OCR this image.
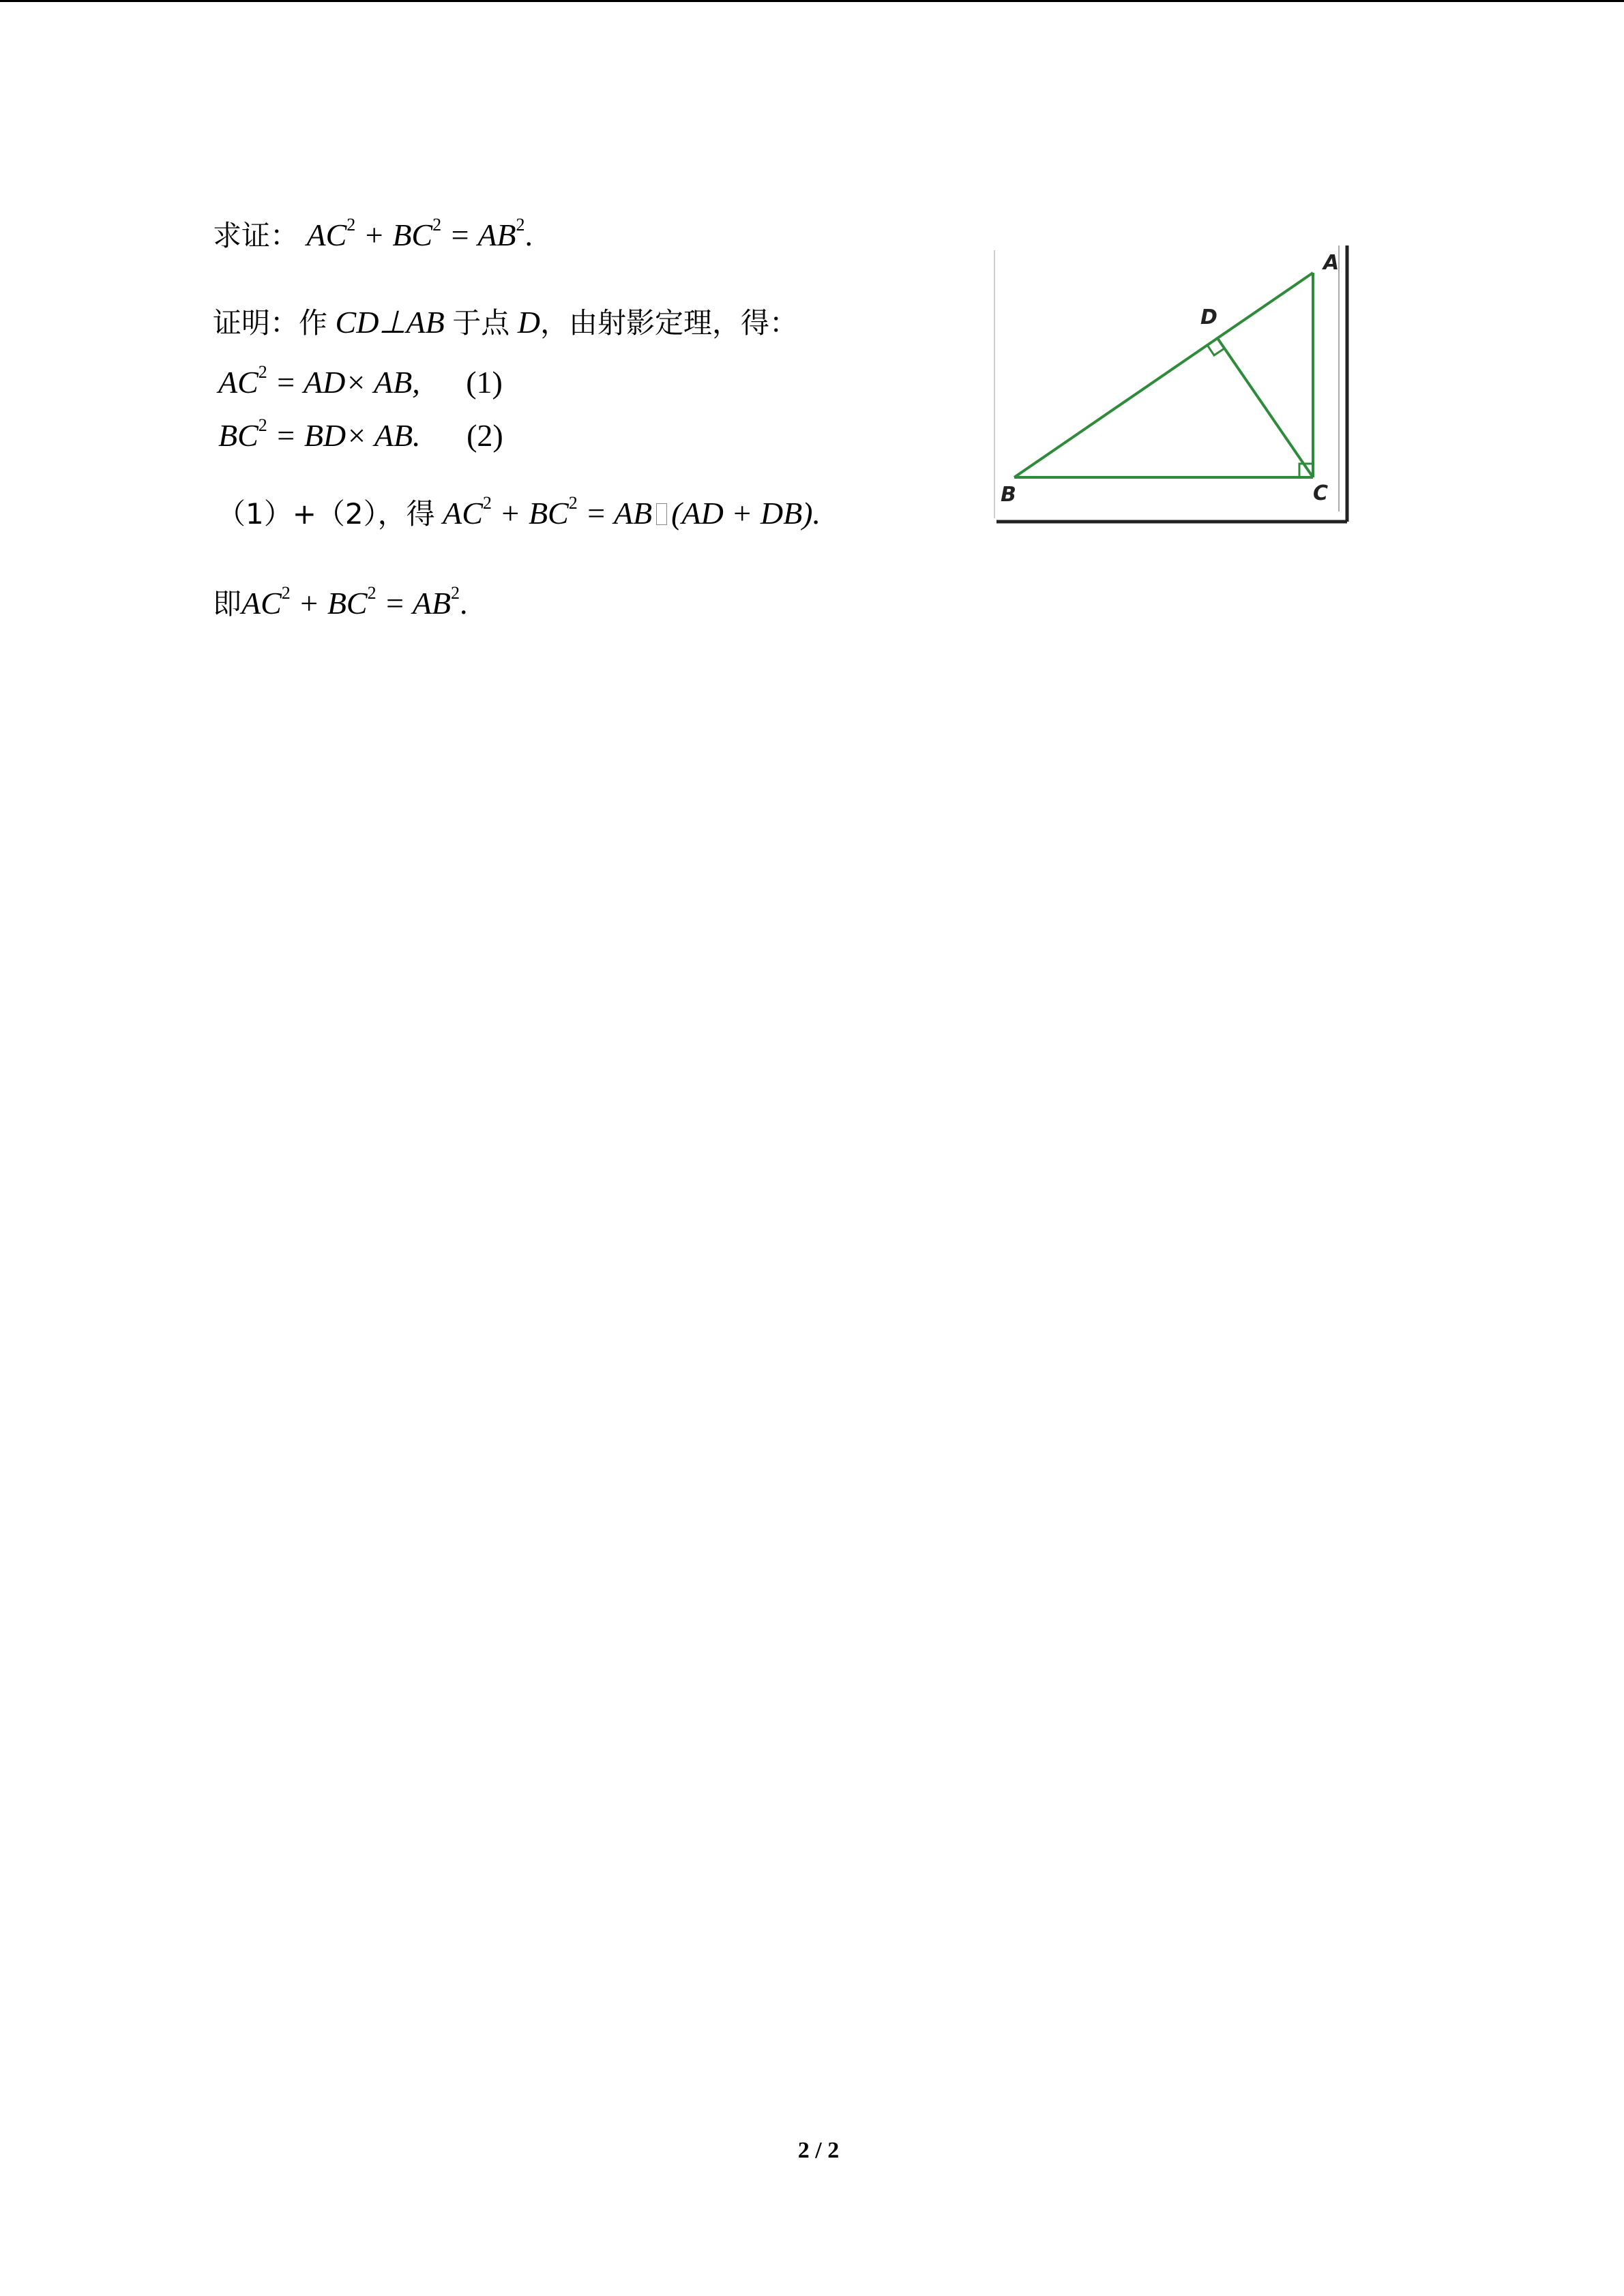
求证： $AC^2 + BC^2 = AB^2$.
证明：作 CD⊥AB 于点 D，由射影定理，得：
$AC^2 = AD\times$ AB, (1)
$BC^2 = BD\times$ AB. (2)
（1）+（2），得 $AC^2 + BC^2$ = AB (AD + DB).
即$AC^2 + BC^2 = AB^2$.
A
B	C
D
2 / 2
